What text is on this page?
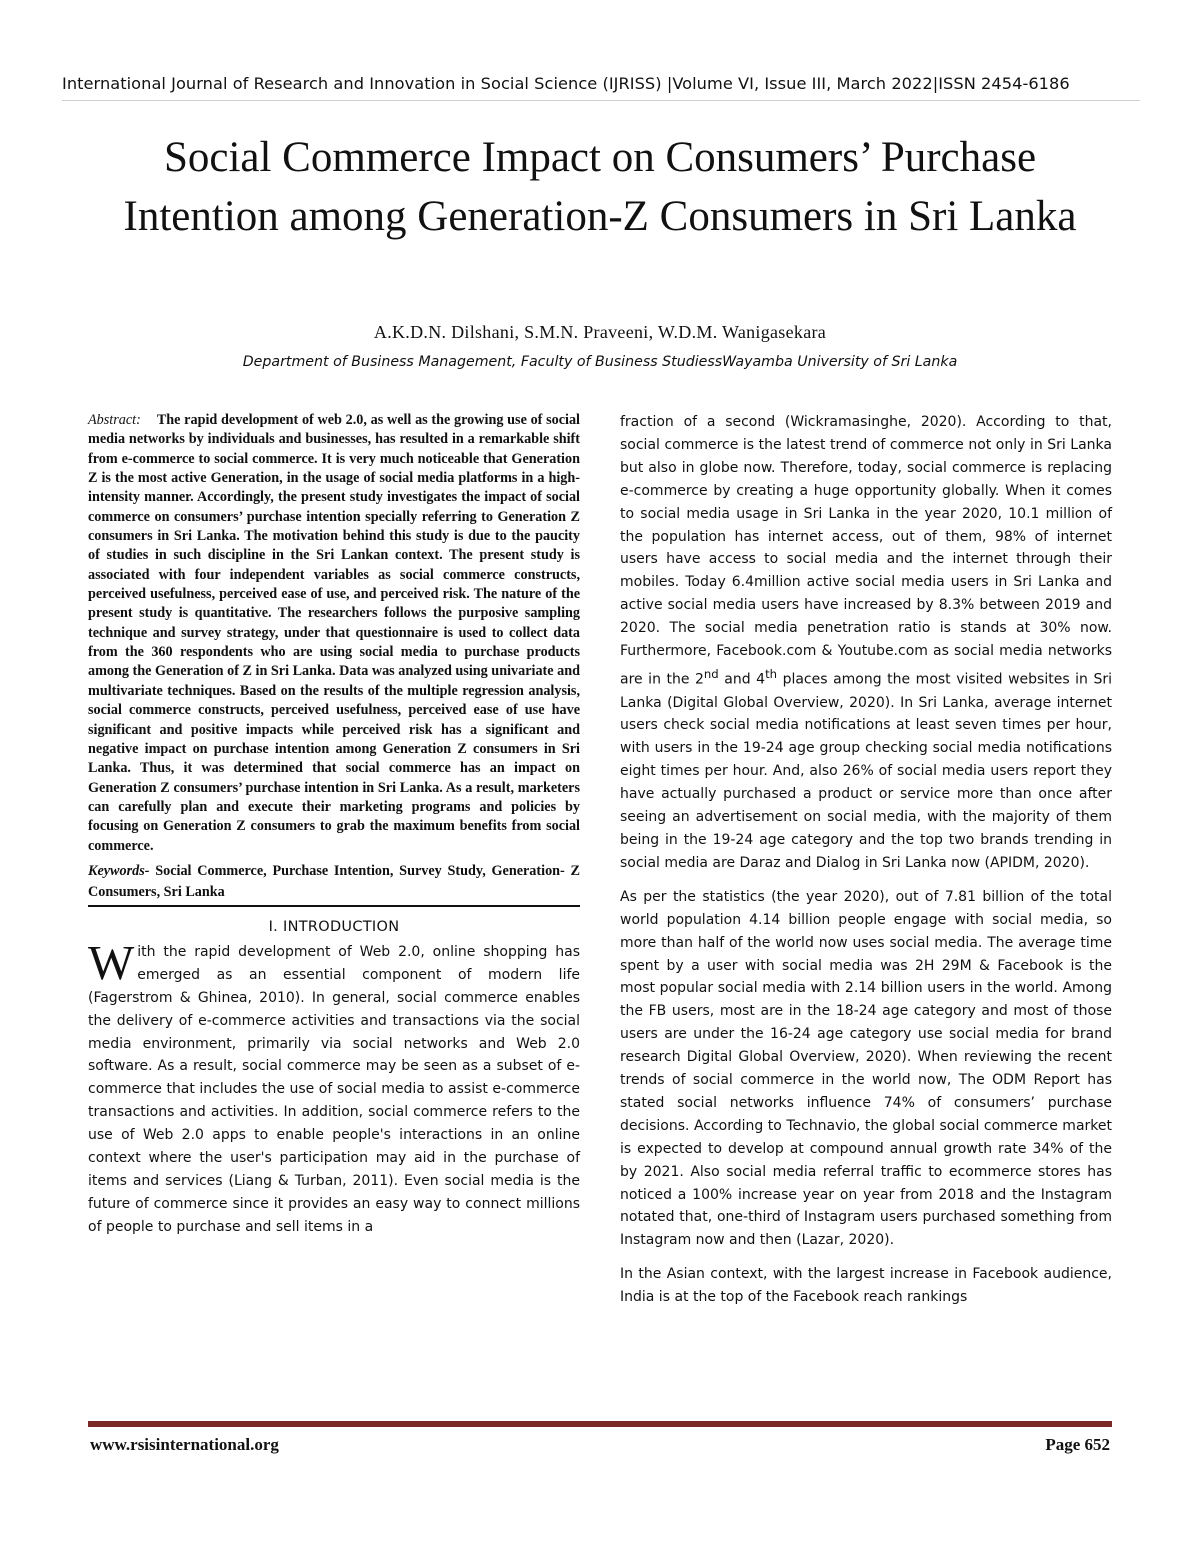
International Journal of Research and Innovation in Social Science (IJRISS) |Volume VI, Issue III, March 2022|ISSN 2454-6186
Social Commerce Impact on Consumers’ Purchase Intention among Generation-Z Consumers in Sri Lanka
A.K.D.N. Dilshani, S.M.N. Praveeni, W.D.M. Wanigasekara
Department of Business Management, Faculty of Business StudiessWayamba University of Sri Lanka

Abstract: The rapid development of web 2.0, as well as the growing use of social media networks by individuals and businesses, has resulted in a remarkable shift from e-commerce to social commerce. It is very much noticeable that Generation Z is the most active Generation, in the usage of social media platforms in a high-intensity manner. Accordingly, the present study investigates the impact of social commerce on consumers’ purchase intention specially referring to Generation Z consumers in Sri Lanka. The motivation behind this study is due to the paucity of studies in such discipline in the Sri Lankan context. The present study is associated with four independent variables as social commerce constructs, perceived usefulness, perceived ease of use, and perceived risk. The nature of the present study is quantitative. The researchers follows the purposive sampling technique and survey strategy, under that questionnaire is used to collect data from the 360 respondents who are using social media to purchase products among the Generation of Z in Sri Lanka. Data was analyzed using univariate and multivariate techniques. Based on the results of the multiple regression analysis, social commerce constructs, perceived usefulness, perceived ease of use have significant and positive impacts while perceived risk has a significant and negative impact on purchase intention among Generation Z consumers in Sri Lanka. Thus, it was determined that social commerce has an impact on Generation Z consumers’ purchase intention in Sri Lanka. As a result, marketers can carefully plan and execute their marketing programs and policies by focusing on Generation Z consumers to grab the maximum benefits from social commerce.

Keywords- Social Commerce, Purchase Intention, Survey Study, Generation- Z Consumers, Sri Lanka

I. INTRODUCTION

With the rapid development of Web 2.0, online shopping has emerged as an essential component of modern life (Fagerstrom & Ghinea, 2010). In general, social commerce enables the delivery of e-commerce activities and transactions via the social media environment, primarily via social networks and Web 2.0 software. As a result, social commerce may be seen as a subset of e-commerce that includes the use of social media to assist e-commerce transactions and activities. In addition, social commerce refers to the use of Web 2.0 apps to enable people's interactions in an online context where the user's participation may aid in the purchase of items and services (Liang & Turban, 2011). Even social media is the future of commerce since it provides an easy way to connect millions of people to purchase and sell items in a

fraction of a second (Wickramasinghe, 2020). According to that, social commerce is the latest trend of commerce not only in Sri Lanka but also in globe now. Therefore, today, social commerce is replacing e-commerce by creating a huge opportunity globally. When it comes to social media usage in Sri Lanka in the year 2020, 10.1 million of the population has internet access, out of them, 98% of internet users have access to social media and the internet through their mobiles. Today 6.4million active social media users in Sri Lanka and active social media users have increased by 8.3% between 2019 and 2020. The social media penetration ratio is stands at 30% now. Furthermore, Facebook.com & Youtube.com as social media networks are in the 2nd and 4th places among the most visited websites in Sri Lanka (Digital Global Overview, 2020). In Sri Lanka, average internet users check social media notifications at least seven times per hour, with users in the 19-24 age group checking social media notifications eight times per hour. And, also 26% of social media users report they have actually purchased a product or service more than once after seeing an advertisement on social media, with the majority of them being in the 19-24 age category and the top two brands trending in social media are Daraz and Dialog in Sri Lanka now (APIDM, 2020).

As per the statistics (the year 2020), out of 7.81 billion of the total world population 4.14 billion people engage with social media, so more than half of the world now uses social media. The average time spent by a user with social media was 2H 29M & Facebook is the most popular social media with 2.14 billion users in the world. Among the FB users, most are in the 18-24 age category and most of those users are under the 16-24 age category use social media for brand research Digital Global Overview, 2020). When reviewing the recent trends of social commerce in the world now, The ODM Report has stated social networks influence 74% of consumers’ purchase decisions. According to Technavio, the global social commerce market is expected to develop at compound annual growth rate 34% of the by 2021. Also social media referral traffic to ecommerce stores has noticed a 100% increase year on year from 2018 and the Instagram notated that, one-third of Instagram users purchased something from Instagram now and then (Lazar, 2020).

In the Asian context, with the largest increase in Facebook audience, India is at the top of the Facebook reach rankings

www.rsisinternational.org	Page 652
